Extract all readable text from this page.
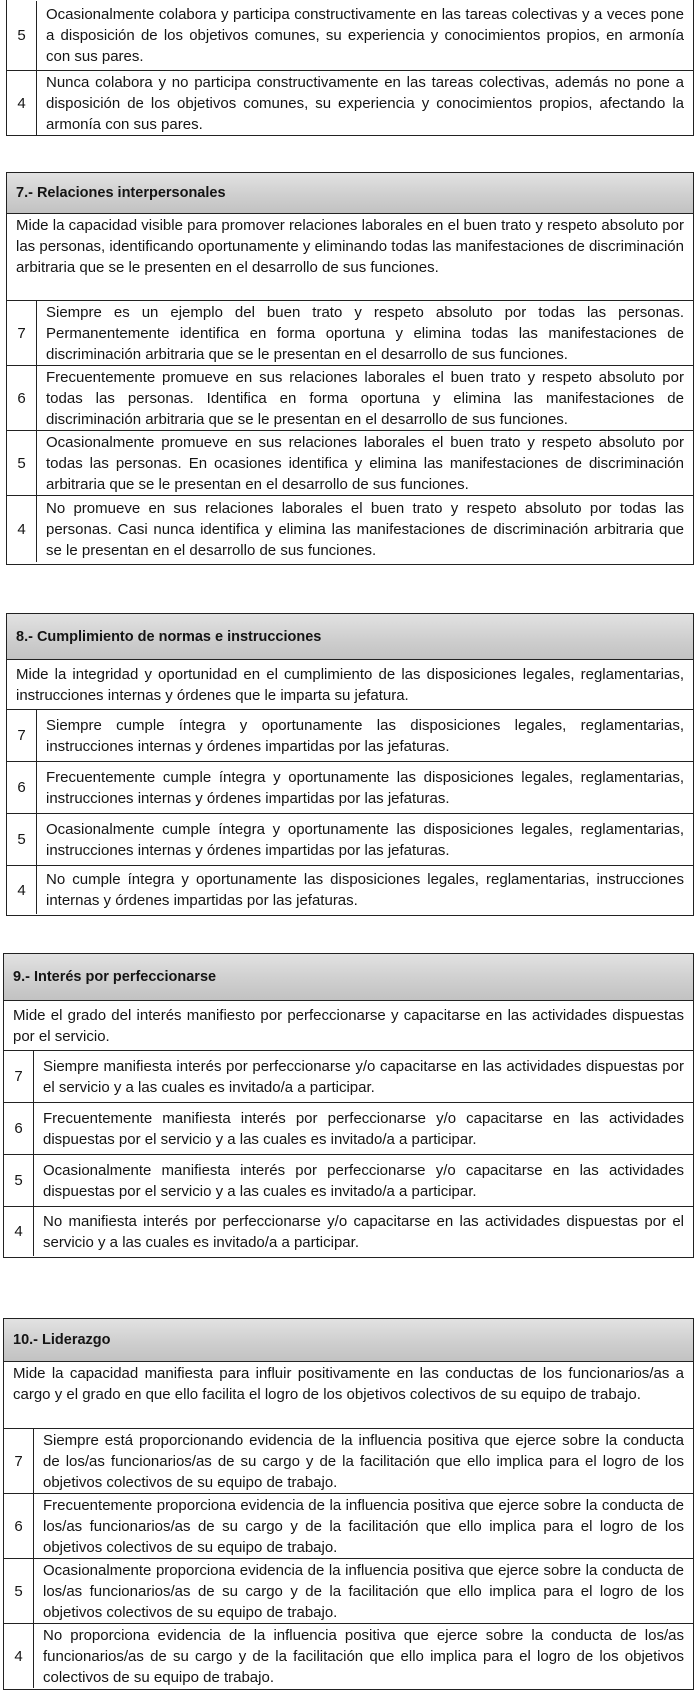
5
Ocasionalmente colabora y participa constructivamente en las tareas colectivas y a veces pone a disposición de los objetivos comunes, su experiencia y conocimientos propios, en armonía con sus pares.
4
Nunca colabora y no participa constructivamente en las tareas colectivas, además no pone a disposición de los objetivos comunes, su experiencia y conocimientos propios, afectando la armonía con sus pares.
7.- Relaciones interpersonales
Mide la capacidad visible para promover relaciones laborales en el buen trato y respeto absoluto por las personas, identificando oportunamente y eliminando todas las manifestaciones de discriminación arbitraria que se le presenten en el desarrollo de sus funciones.
7
Siempre es un ejemplo del buen trato y respeto absoluto por todas las personas. Permanentemente identifica en forma oportuna y elimina todas las manifestaciones de discriminación arbitraria que se le presentan en el desarrollo de sus funciones.
6
Frecuentemente promueve en sus relaciones laborales el buen trato y respeto absoluto por todas las personas. Identifica en forma oportuna y elimina las manifestaciones de discriminación arbitraria que se le presentan en el desarrollo de sus funciones.
5
Ocasionalmente promueve en sus relaciones laborales el buen trato y respeto absoluto por todas las personas. En ocasiones identifica y elimina las manifestaciones de discriminación arbitraria que se le presentan en el desarrollo de sus funciones.
4
No promueve en sus relaciones laborales el buen trato y respeto absoluto por todas las personas. Casi nunca identifica y elimina las manifestaciones de discriminación arbitraria que se le presentan en el desarrollo de sus funciones.
8.- Cumplimiento de normas e instrucciones
Mide la integridad y oportunidad en el cumplimiento de las disposiciones legales, reglamentarias, instrucciones internas y órdenes que le imparta su jefatura.
7
Siempre cumple íntegra y oportunamente las disposiciones legales, reglamentarias, instrucciones internas y órdenes impartidas por las jefaturas.
6
Frecuentemente cumple íntegra y oportunamente las disposiciones legales, reglamentarias, instrucciones internas y órdenes impartidas por las jefaturas.
5
Ocasionalmente cumple íntegra y oportunamente las disposiciones legales, reglamentarias, instrucciones internas y órdenes impartidas por las jefaturas.
4
No cumple íntegra y oportunamente las disposiciones legales, reglamentarias, instrucciones internas y órdenes impartidas por las jefaturas.
9.- Interés por perfeccionarse
Mide el grado del interés manifiesto por perfeccionarse y capacitarse en las actividades dispuestas por el servicio.
7
Siempre manifiesta interés por perfeccionarse y/o capacitarse en las actividades dispuestas por el servicio y a las cuales es invitado/a a participar.
6
Frecuentemente manifiesta interés por perfeccionarse y/o capacitarse en las actividades dispuestas por el servicio y a las cuales es invitado/a a participar.
5
Ocasionalmente manifiesta interés por perfeccionarse y/o capacitarse en las actividades dispuestas por el servicio y a las cuales es invitado/a a participar.
4
No manifiesta interés por perfeccionarse y/o capacitarse en las actividades dispuestas por el servicio y a las cuales es invitado/a a participar.
10.- Liderazgo
Mide la capacidad manifiesta para influir positivamente en las conductas de los funcionarios/as a cargo y el grado en que ello facilita el logro de los objetivos colectivos de su equipo de trabajo.
7
Siempre está proporcionando evidencia de la influencia positiva que ejerce sobre la conducta de los/as funcionarios/as de su cargo y de la facilitación que ello implica para el logro de los objetivos colectivos de su equipo de trabajo.
6
Frecuentemente proporciona evidencia de la influencia positiva que ejerce sobre la conducta de los/as funcionarios/as de su cargo y de la facilitación que ello implica para el logro de los objetivos colectivos de su equipo de trabajo.
5
Ocasionalmente proporciona evidencia de la influencia positiva que ejerce sobre la conducta de los/as funcionarios/as de su cargo y de la facilitación que ello implica para el logro de los objetivos colectivos de su equipo de trabajo.
4
No proporciona evidencia de la influencia positiva que ejerce sobre la conducta de los/as funcionarios/as de su cargo y de la facilitación que ello implica para el logro de los objetivos colectivos de su equipo de trabajo.
